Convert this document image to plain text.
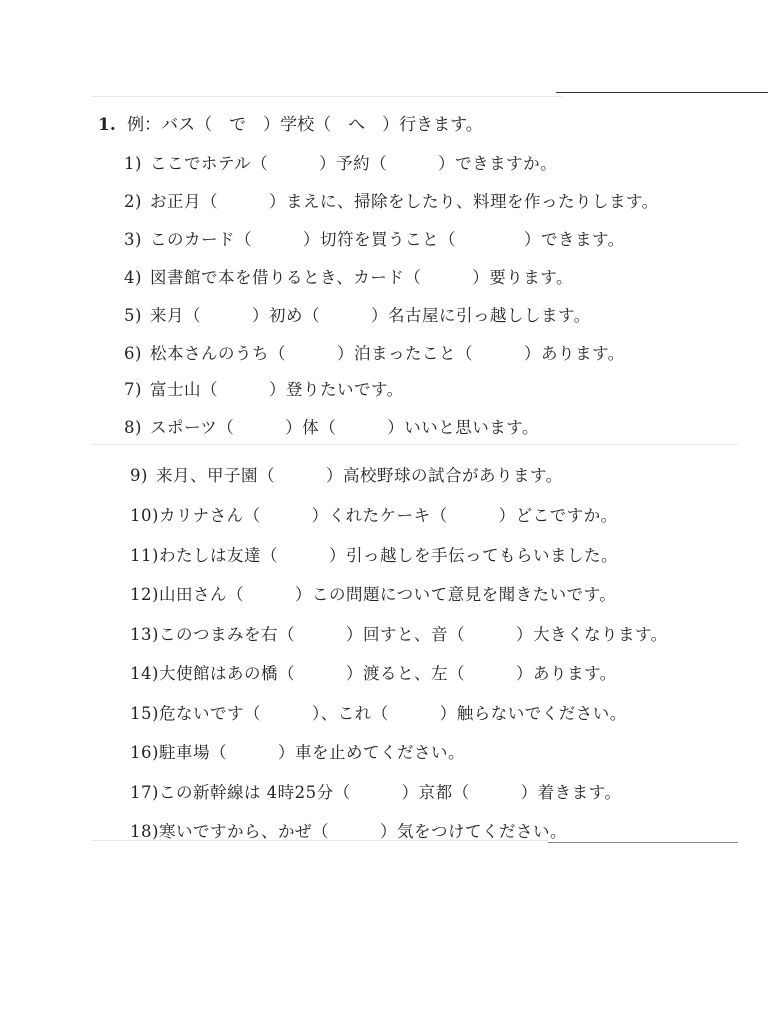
1. 例：バス（　で　）学校（　へ　）行きます。
1) ここでホテル（　　　）予約（　　　）できますか。
2) お正月（　　　）まえに、掃除をしたり、料理を作ったりします。
3) このカード（　　　）切符を買うこと（　　　　）できます。
4) 図書館で本を借りるとき、カード（　　　）要ります。
5) 来月（　　　）初め（　　　）名古屋に引っ越しします。
6) 松本さんのうち（　　　）泊まったこと（　　　）あります。
7) 富士山（　　　）登りたいです。
8) スポーツ（　　　）体（　　　）いいと思います。
9) 来月、甲子園（　　　）高校野球の試合があります。
10)カリナさん（　　　）くれたケーキ（　　　）どこですか。
11)わたしは友達（　　　）引っ越しを手伝ってもらいました。
12)山田さん（　　　）この問題について意見を聞きたいです。
13)このつまみを右（　　　）回すと、音（　　　）大きくなります。
14)大使館はあの橋（　　　）渡ると、左（　　　）あります。
15)危ないです（　　　）、これ（　　　）触らないでください。
16)駐車場（　　　）車を止めてください。
17)この新幹線は 4時25分（　　　）京都（　　　）着きます。
18)寒いですから、かぜ（　　　）気をつけてください。
